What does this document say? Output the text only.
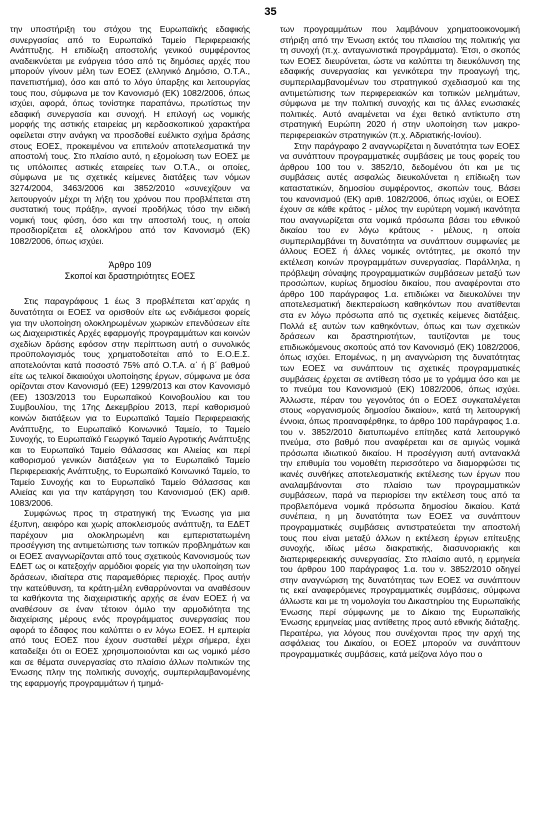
35

την υποστήριξη του στόχου της Ευρωπαϊκής εδαφικής συνεργασίας από το Ευρωπαϊκό Ταμείο Περιφερειακής Ανάπτυξης. Η επιδίωξη αποστολής γενικού συμφέροντος αναδεικνύεται με ενάργεια τόσο από τις δημόσιες αρχές που μπορούν γίνουν μέλη των ΕΟΕΣ (ελληνικό Δημόσιο, Ο.Τ.Α., πανεπιστήμια), όσο και από το λόγο ύπαρξης και λειτουργίας τους που, σύμφωνα με τον Κανονισμό (ΕΚ) 1082/2006, όπως ισχύει, αφορά, όπως τονίστηκε παραπάνω, πρωτίστως την εδαφική συνεργασία και συνοχή. Η επιλογή ως νομικής μορφής της αστικής εταιρείας μη κερδοσκοπικού χαρακτήρα οφείλεται στην ανάγκη να προσδοθεί ευέλικτο σχήμα δράσης στους ΕΟΕΣ, προκειμένου να επιτελούν αποτελεσματικά την αποστολή τους. Στο πλαίσιο αυτό, η εξομοίωση των ΕΟΕΣ με τις υπόλοιπες αστικές εταιρείες των Ο.Τ.Α., οι οποίες, σύμφωνα με τις σχετικές κείμενες διατάξεις των νόμων 3274/2004, 3463/2006 και 3852/2010 «συνεχίζουν να λειτουργούν μέχρι τη λήξη του χρόνου που προβλέπεται στη συστατική τους πράξη», αγνοεί προδήλως τόσο την ειδική νομική τους φύση, όσο και την αποστολή τους, η οποία προσδιορίζεται εξ ολοκλήρου από τον Κανονισμό (ΕΚ) 1082/2006, όπως ισχύει.

Άρθρο 109
Σκοποί και δραστηριότητες ΕΟΕΣ

Στις παραγράφους 1 έως 3 προβλέπεται κατ᾽αρχάς η δυνατότητα οι ΕΟΕΣ να ορισθούν είτε ως ενδιάμεσοι φορείς για την υλοποίηση ολοκληρωμένων χωρικών επενδύσεων είτε ως Διαχειριστικές Αρχές εφαρμογής προγραμμάτων και κοινών σχεδίων δράσης εφόσον στην περίπτωση αυτή ο συνολικός προϋπολογισμός τους χρηματοδοτείται από το Ε.Ο.Ε.Σ. αποτελούνται κατά ποσοστό 75% από Ο.Τ.Α. α΄ ή β΄ βαθμού είτε ως τελικοί δικαιούχοι υλοποίησης έργων, σύμφωνα με όσα ορίζονται στον Κανονισμό (ΕΕ) 1299/2013 και στον Κανονισμό (ΕΕ) 1303/2013 του Ευρωπαϊκού Κοινοβουλίου και του Συμβουλίου, της 17ης Δεκεμβρίου 2013, περί καθορισμού κοινών διατάξεων για το Ευρωπαϊκό Ταμείο Περιφερειακής Ανάπτυξης, το Ευρωπαϊκό Κοινωνικό Ταμείο, το Ταμείο Συνοχής, το Ευρωπαϊκό Γεωργικό Ταμείο Αγροτικής Ανάπτυξης και το Ευρωπαϊκό Ταμείο Θάλασσας και Αλιείας και περί καθορισμού γενικών διατάξεων για το Ευρωπαϊκό Ταμείο Περιφερειακής Ανάπτυξης, το Ευρωπαϊκό Κοινωνικό Ταμείο, το Ταμείο Συνοχής και το Ευρωπαϊκό Ταμείο Θάλασσας και Αλιείας και για την κατάργηση του Κανονισμού (ΕΚ) αριθ. 1083/2006.

Συμφώνως προς τη στρατηγική της Ένωσης για μια έξυπνη, αειφόρο και χωρίς αποκλεισμούς ανάπτυξη, τα ΕΔΕΤ παρέχουν μια ολοκληρωμένη και εμπεριστατωμένη προσέγγιση της αντιμετώπισης των τοπικών προβλημάτων και οι ΕΟΕΣ αναγνωρίζονται από τους σχετικούς Κανονισμούς των ΕΔΕΤ ως οι κατεξοχήν αρμόδιοι φορείς για την υλοποίηση των δράσεων, ιδιαίτερα στις παραμεθόριες περιοχές. Προς αυτήν την κατεύθυνση, τα κράτη-μέλη ενθαρρύνονται να αναθέσουν τα καθήκοντα της διαχειριστικής αρχής σε έναν ΕΟΕΣ ή να αναθέσουν σε έναν τέτοιον όμιλο την αρμοδιότητα της διαχείρισης μέρους ενός προγράμματος συνεργασίας που αφορά το έδαφος που καλύπτει ο εν λόγω ΕΟΕΣ. Η εμπειρία από τους ΕΟΕΣ που έχουν συσταθεί μέχρι σήμερα, έχει καταδείξει ότι οι ΕΟΕΣ χρησιμοποιούνται και ως νομικό μέσο και σε θέματα συνεργασίας στο πλαίσιο άλλων πολιτικών της Ένωσης πλην της πολιτικής συνοχής, συμπεριλαμβανομένης της εφαρμογής προγραμμάτων ή τμημά-

των προγραμμάτων που λαμβάνουν χρηματοοικονομική στήριξη από την Ένωση εκτός του πλαισίου της πολιτικής για τη συνοχή (π.χ. ανταγωνιστικά προγράμματα). Έτσι, ο σκοπός των ΕΟΕΣ διευρύνεται, ώστε να καλύπτει τη διευκόλυνση της εδαφικής συνεργασίας και γενικότερα την προαγωγή της, συμπεριλαμβανομένων του στρατηγικού σχεδιασμού και της αντιμετώπισης των περιφερειακών και τοπικών μελημάτων, σύμφωνα με την πολιτική συνοχής και τις άλλες ενωσιακές πολιτικές. Αυτό αναμένεται να έχει θετικό αντίκτυπο στη στρατηγική Ευρώπη 2020 ή στην υλοποίηση των μακρο-περιφερειακών στρατηγικών (π.χ. Αδριατικής-Ιονίου).

Στην παράγραφο 2 αναγνωρίζεται η δυνατότητα των ΕΟΕΣ να συνάπτουν προγραμματικές συμβάσεις με τους φορείς του άρθρου 100 του ν. 3852/10, δεδομένου ότι και με τις συμβάσεις αυτές ασφαλώς διευκολύνεται η επίδιωξη των καταστατικών, δημοσίου συμφέροντος, σκοπών τους. Βάσει του κανονισμού (ΕΚ) αριθ. 1082/2006, όπως ισχύει, οι ΕΟΕΣ έχουν σε κάθε κράτος - μέλος την ευρύτερη νομική ικανότητα που αναγνωρίζεται στα νομικά πρόσωπα βάσει του εθνικού δικαίου του εν λόγω κράτους - μέλους, η οποία συμπεριλαμβάνει τη δυνατότητα να συνάπτουν συμφωνίες με άλλους ΕΟΕΣ ή άλλες νομικές οντότητες, με σκοπό την εκτέλεση κοινών προγραμμάτων συνεργασίας. Παράλληλα, η πρόβλεψη σύναψης προγραμματικών συμβάσεων μεταξύ των προσώπων, κυρίως δημοσίου δικαίου, που αναφέρονται στο άρθρο 100 παράγραφος 1.α. επιδιώκει να διευκολύνει την αποτελεσματική διεκπεραίωση καθηκόντων που ανατίθενται στα εν λόγω πρόσωπα από τις σχετικές κείμενες διατάξεις. Πολλά εξ αυτών των καθηκόντων, όπως και των σχετικών δράσεων και δραστηριοτήτων, ταυτίζονται με τους επιδιωκόμενους σκοπούς από τον Κανονισμό (ΕΚ) 1082/2006, όπως ισχύει. Επομένως, η μη αναγνώριση της δυνατότητας των ΕΟΕΣ να συνάπτουν τις σχετικές προγραμματικές συμβάσεις έρχεται σε αντίθεση τόσο με το γράμμα όσο και με το πνεύμα του Κανονισμού (ΕΚ) 1082/2006, όπως ισχύει. Άλλωστε, πέραν του γεγονότος ότι ο ΕΟΕΣ συγκαταλέγεται στους «οργανισμούς δημοσίου δικαίου», κατά τη λειτουργική έννοια, όπως προαναφέρθηκε, το άρθρο 100 παράγραφος 1.α. του ν. 3852/2010 διατυπωμένο επίτηδες κατά λειτουργικό πνεύμα, στο βαθμό που αναφέρεται και σε αμιγώς νομικά πρόσωπα ιδιωτικού δικαίου. Η προσέγγιση αυτή αντανακλά την επιθυμία του νομοθέτη περισσότερο να διαμορφώσει τις ικανές συνθήκες αποτελεσματικής εκτέλεσης των έργων που αναλαμβάνονται στο πλαίσιο των προγραμματικών συμβάσεων, παρά να περιορίσει την εκτέλεση τους από τα προβλεπόμενα νομικά πρόσωπα δημοσίου δικαίου. Κατά συνέπεια, η μη δυνατότητα των ΕΟΕΣ να συνάπτουν προγραμματικές συμβάσεις αντιστρατεύεται την αποστολή τους που είναι μεταξύ άλλων η εκτέλεση έργων επίτευξης συνοχής, ιδίως μέσω διακρατικής, διασυνοριακής και διαπεριφερειακής συνεργασίας. Στο πλαίσιο αυτό, η ερμηνεία του άρθρου 100 παράγραφος 1.α. του ν. 3852/2010 οδηγεί στην αναγνώριση της δυνατότητας των ΕΟΕΣ να συνάπτουν τις εκεί αναφερόμενες προγραμματικές συμβάσεις, σύμφωνα άλλωστε και με τη νομολογία του Δικαστηρίου της Ευρωπαϊκής Ένωσης περί σύμφωνης με το Δίκαιο της Ευρωπαϊκής Ένωσης ερμηνείας μιας αντίθετης προς αυτό εθνικής διάταξης. Περαιτέρω, για λόγους που συνέχονται προς την αρχή της ασφάλειας του Δικαίου, οι ΕΟΕΣ μπορούν να συνάπτουν προγραμματικές συμβάσεις, κατά μείζονα λόγο που ο
